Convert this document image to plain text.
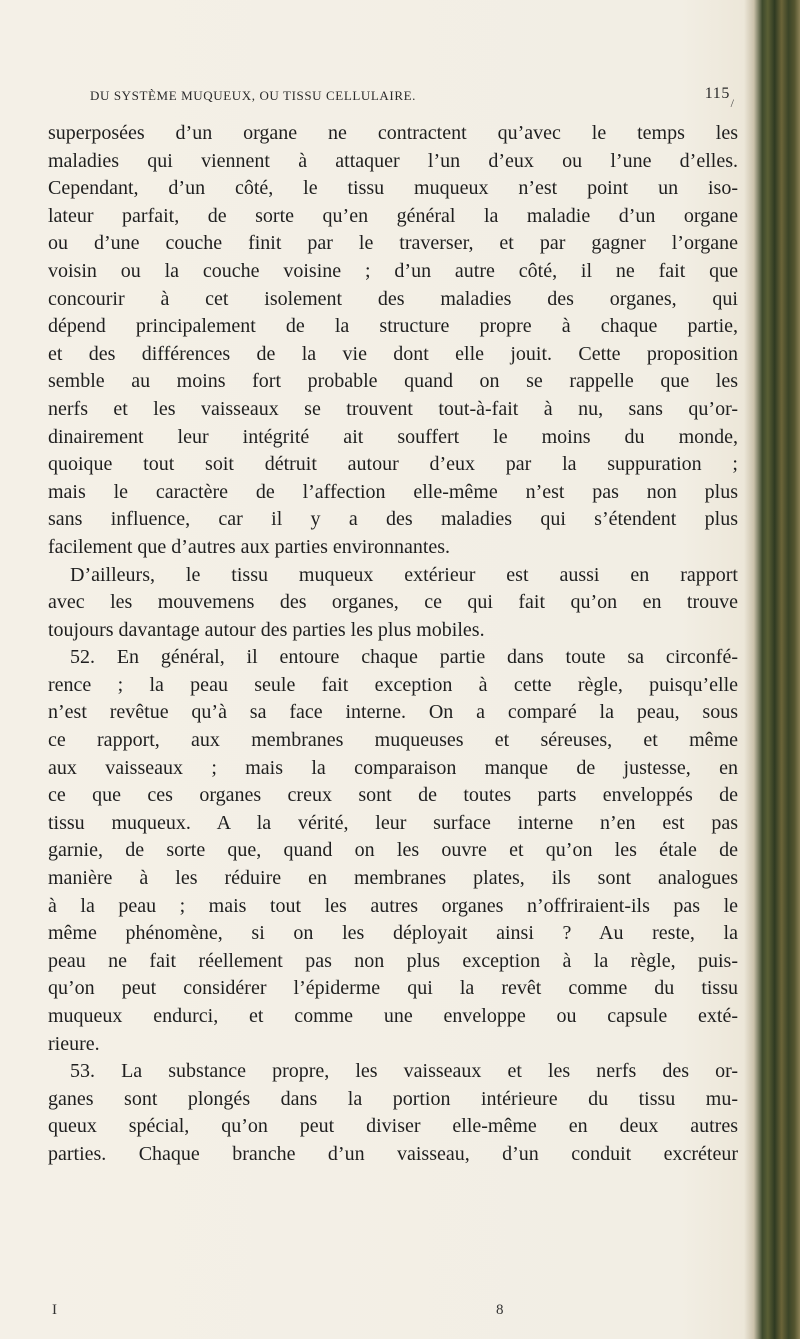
/
DU SYSTÈME MUQUEUX, OU TISSU CELLULAIRE.	115
superposées d’un organe ne contractent qu’avec le temps les
maladies qui viennent à attaquer l’un d’eux ou l’une d’elles.
Cependant, d’un côté, le tissu muqueux n’est point un iso-
lateur parfait, de sorte qu’en général la maladie d’un organe
ou d’une couche finit par le traverser, et par gagner l’organe
voisin ou la couche voisine ; d’un autre côté, il ne fait que
concourir à cet isolement des maladies des organes, qui
dépend principalement de la structure propre à chaque partie,
et des différences de la vie dont elle jouit. Cette proposition
semble au moins fort probable quand on se rappelle que les
nerfs et les vaisseaux se trouvent tout-à-fait à nu, sans qu’or-
dinairement leur intégrité ait souffert le moins du monde,
quoique tout soit détruit autour d’eux par la suppuration ;
mais le caractère de l’affection elle-même n’est pas non plus
sans influence, car il y a des maladies qui s’étendent plus
facilement que d’autres aux parties environnantes.
D’ailleurs, le tissu muqueux extérieur est aussi en rapport
avec les mouvemens des organes, ce qui fait qu’on en trouve
toujours davantage autour des parties les plus mobiles.
52. En général, il entoure chaque partie dans toute sa circonfé-
rence ; la peau seule fait exception à cette règle, puisqu’elle
n’est revêtue qu’à sa face interne. On a comparé la peau, sous
ce rapport, aux membranes muqueuses et séreuses, et même
aux vaisseaux ; mais la comparaison manque de justesse, en
ce que ces organes creux sont de toutes parts enveloppés de
tissu muqueux. A la vérité, leur surface interne n’en est pas
garnie, de sorte que, quand on les ouvre et qu’on les étale de
manière à les réduire en membranes plates, ils sont analogues
à la peau ; mais tout les autres organes n’offriraient-ils pas le
même phénomène, si on les déployait ainsi ? Au reste, la
peau ne fait réellement pas non plus exception à la règle, puis-
qu’on peut considérer l’épiderme qui la revêt comme du tissu
muqueux endurci, et comme une enveloppe ou capsule exté-
rieure.
53. La substance propre, les vaisseaux et les nerfs des or-
ganes sont plongés dans la portion intérieure du tissu mu-
queux spécial, qu’on peut diviser elle-même en deux autres
parties. Chaque branche d’un vaisseau, d’un conduit excréteur
I	8
